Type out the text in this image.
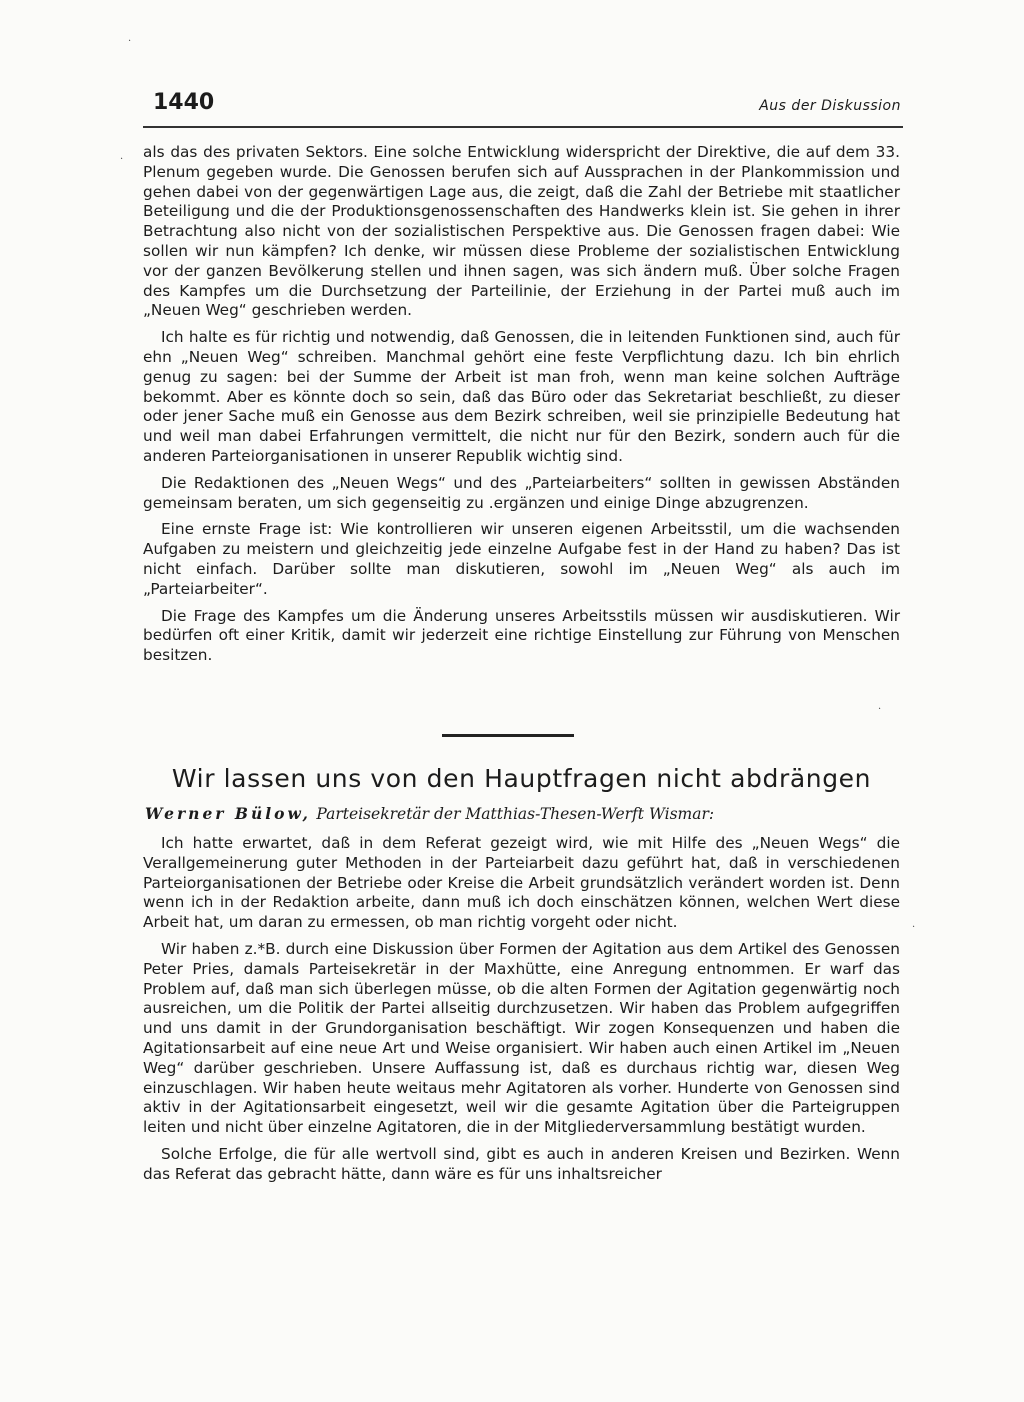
1440	Aus der Diskussion

als das des privaten Sektors. Eine solche Entwicklung widerspricht der Direktive, die auf dem 33. Plenum gegeben wurde. Die Genossen berufen sich auf Aussprachen in der Plankommission und gehen dabei von der gegenwärtigen Lage aus, die zeigt, daß die Zahl der Betriebe mit staatlicher Beteiligung und die der Produktionsgenossenschaften des Handwerks klein ist. Sie gehen in ihrer Betrachtung also nicht von der sozialistischen Perspektive aus. Die Genossen fragen dabei: Wie sollen wir nun kämpfen? Ich denke, wir müssen diese Probleme der sozialistischen Entwicklung vor der ganzen Bevölkerung stellen und ihnen sagen, was sich ändern muß. Über solche Fragen des Kampfes um die Durchsetzung der Parteilinie, der Erziehung in der Partei muß auch im „Neuen Weg“ geschrieben werden.

Ich halte es für richtig und notwendig, daß Genossen, die in leitenden Funktionen sind, auch für ehn „Neuen Weg“ schreiben. Manchmal gehört eine feste Verpflichtung dazu. Ich bin ehrlich genug zu sagen: bei der Summe der Arbeit ist man froh, wenn man keine solchen Aufträge bekommt. Aber es könnte doch so sein, daß das Büro oder das Sekretariat beschließt, zu dieser oder jener Sache muß ein Genosse aus dem Bezirk schreiben, weil sie prinzipielle Bedeutung hat und weil man dabei Erfahrungen vermittelt, die nicht nur für den Bezirk, sondern auch für die anderen Parteiorganisationen in unserer Republik wichtig sind.

Die Redaktionen des „Neuen Wegs“ und des „Parteiarbeiters“ sollten in gewissen Abständen gemeinsam beraten, um sich gegenseitig zu .ergänzen und einige Dinge abzugrenzen.

Eine ernste Frage ist: Wie kontrollieren wir unseren eigenen Arbeitsstil, um die wachsenden Aufgaben zu meistern und gleichzeitig jede einzelne Aufgabe fest in der Hand zu haben? Das ist nicht einfach. Darüber sollte man diskutieren, sowohl im „Neuen Weg“ als auch im „Parteiarbeiter“.

Die Frage des Kampfes um die Änderung unseres Arbeitsstils müssen wir ausdiskutieren. Wir bedürfen oft einer Kritik, damit wir jederzeit eine richtige Einstellung zur Führung von Menschen besitzen.

Wir lassen uns von den Hauptfragen nicht abdrängen
Werner Bülow, Parteisekretär der Matthias-Thesen-Werft Wismar:

Ich hatte erwartet, daß in dem Referat gezeigt wird, wie mit Hilfe des „Neuen Wegs“ die Verallgemeinerung guter Methoden in der Parteiarbeit dazu geführt hat, daß in verschiedenen Parteiorganisationen der Betriebe oder Kreise die Arbeit grundsätzlich verändert worden ist. Denn wenn ich in der Redaktion arbeite, dann muß ich doch einschätzen können, welchen Wert diese Arbeit hat, um daran zu ermessen, ob man richtig vorgeht oder nicht.

Wir haben z.*B. durch eine Diskussion über Formen der Agitation aus dem Artikel des Genossen Peter Pries, damals Parteisekretär in der Maxhütte, eine Anregung entnommen. Er warf das Problem auf, daß man sich überlegen müsse, ob die alten Formen der Agitation gegenwärtig noch ausreichen, um die Politik der Partei allseitig durchzusetzen. Wir haben das Problem aufgegriffen und uns damit in der Grundorganisation beschäftigt. Wir zogen Konsequenzen und haben die Agitationsarbeit auf eine neue Art und Weise organisiert. Wir haben auch einen Artikel im „Neuen Weg“ darüber geschrieben. Unsere Auffassung ist, daß es durchaus richtig war, diesen Weg einzuschlagen. Wir haben heute weitaus mehr Agitatoren als vorher. Hunderte von Genossen sind aktiv in der Agitationsarbeit eingesetzt, weil wir die gesamte Agitation über die Parteigruppen leiten und nicht über einzelne Agitatoren, die in der Mitgliederversammlung bestätigt wurden.

Solche Erfolge, die für alle wertvoll sind, gibt es auch in anderen Kreisen und Bezirken. Wenn das Referat das gebracht hätte, dann wäre es für uns inhaltsreicher

·
·
·
·
